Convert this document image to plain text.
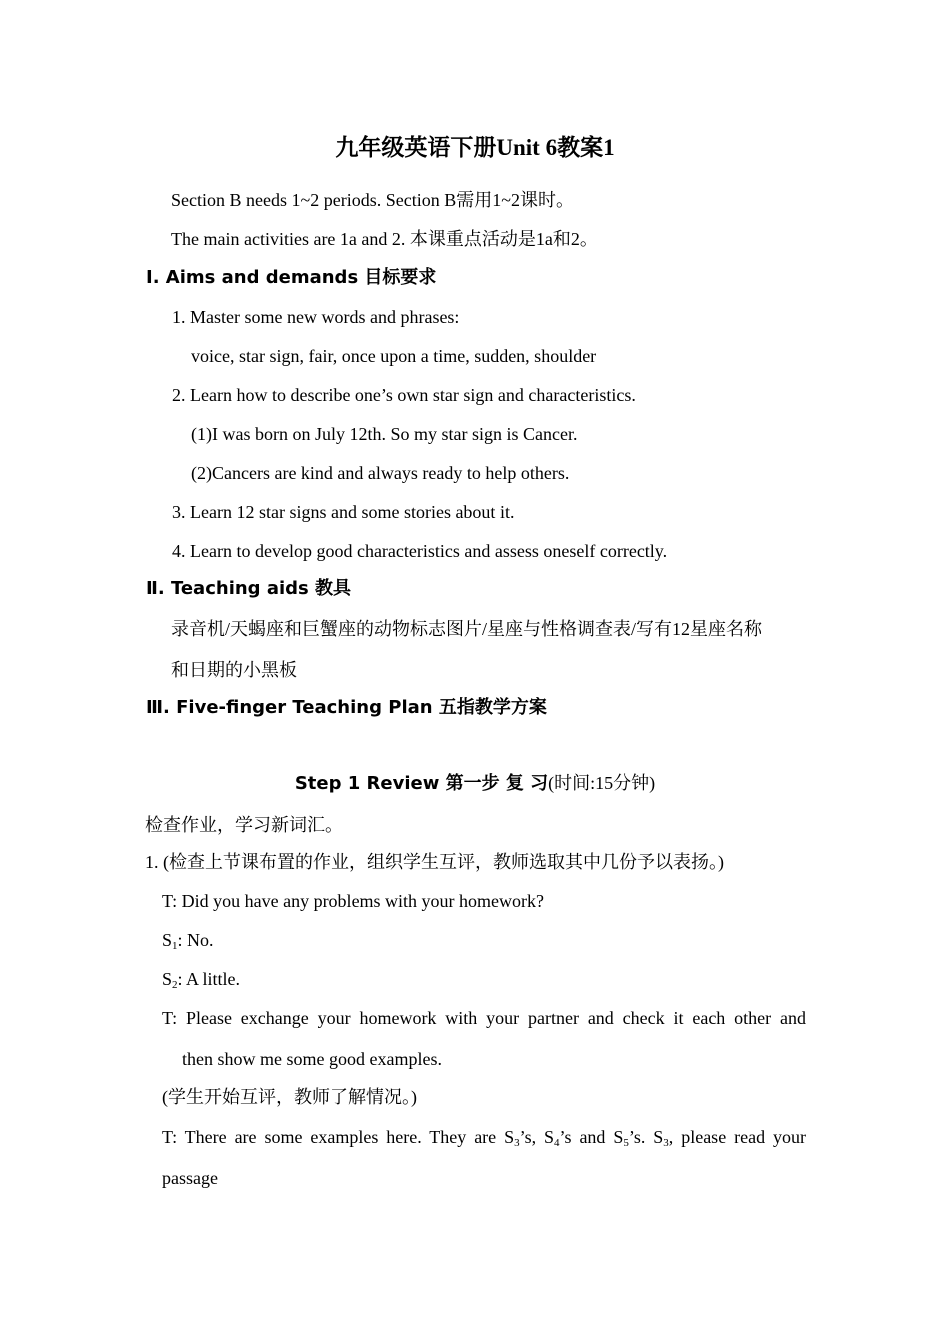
九年级英语下册Unit 6教案1
Section B needs 1~2 periods. Section B需用1~2课时。
The main activities are 1a and 2. 本课重点活动是1a和2。
Ⅰ. Aims and demands 目标要求
1. Master some new words and phrases:
voice, star sign, fair, once upon a time, sudden, shoulder
2. Learn how to describe one’s own star sign and characteristics.
(1)I was born on July 12th. So my star sign is Cancer.
(2)Cancers are kind and always ready to help others.
3. Learn 12 star signs and some stories about it.
4. Learn to develop good characteristics and assess oneself correctly.
Ⅱ. Teaching aids 教具
录音机/天蝎座和巨蟹座的动物标志图片/星座与性格调查表/写有12星座名称
和日期的小黑板
Ⅲ. Five-finger Teaching Plan 五指教学方案
Step 1 Review 第一步 复 习(时间:15分钟)
检查作业，学习新词汇。
1. (检查上节课布置的作业，组织学生互评，教师选取其中几份予以表扬。)
T: Did you have any problems with your homework?
$S_1$: No.
$S_2$: A little.
T: Please exchange your homework with your partner and check it each other and
then show me some good examples.
(学生开始互评，教师了解情况。)
T: There are some examples here. They are $S_3’s$, $S_4’s$ and $S_5’s$. $S_3$, please read your
passage
